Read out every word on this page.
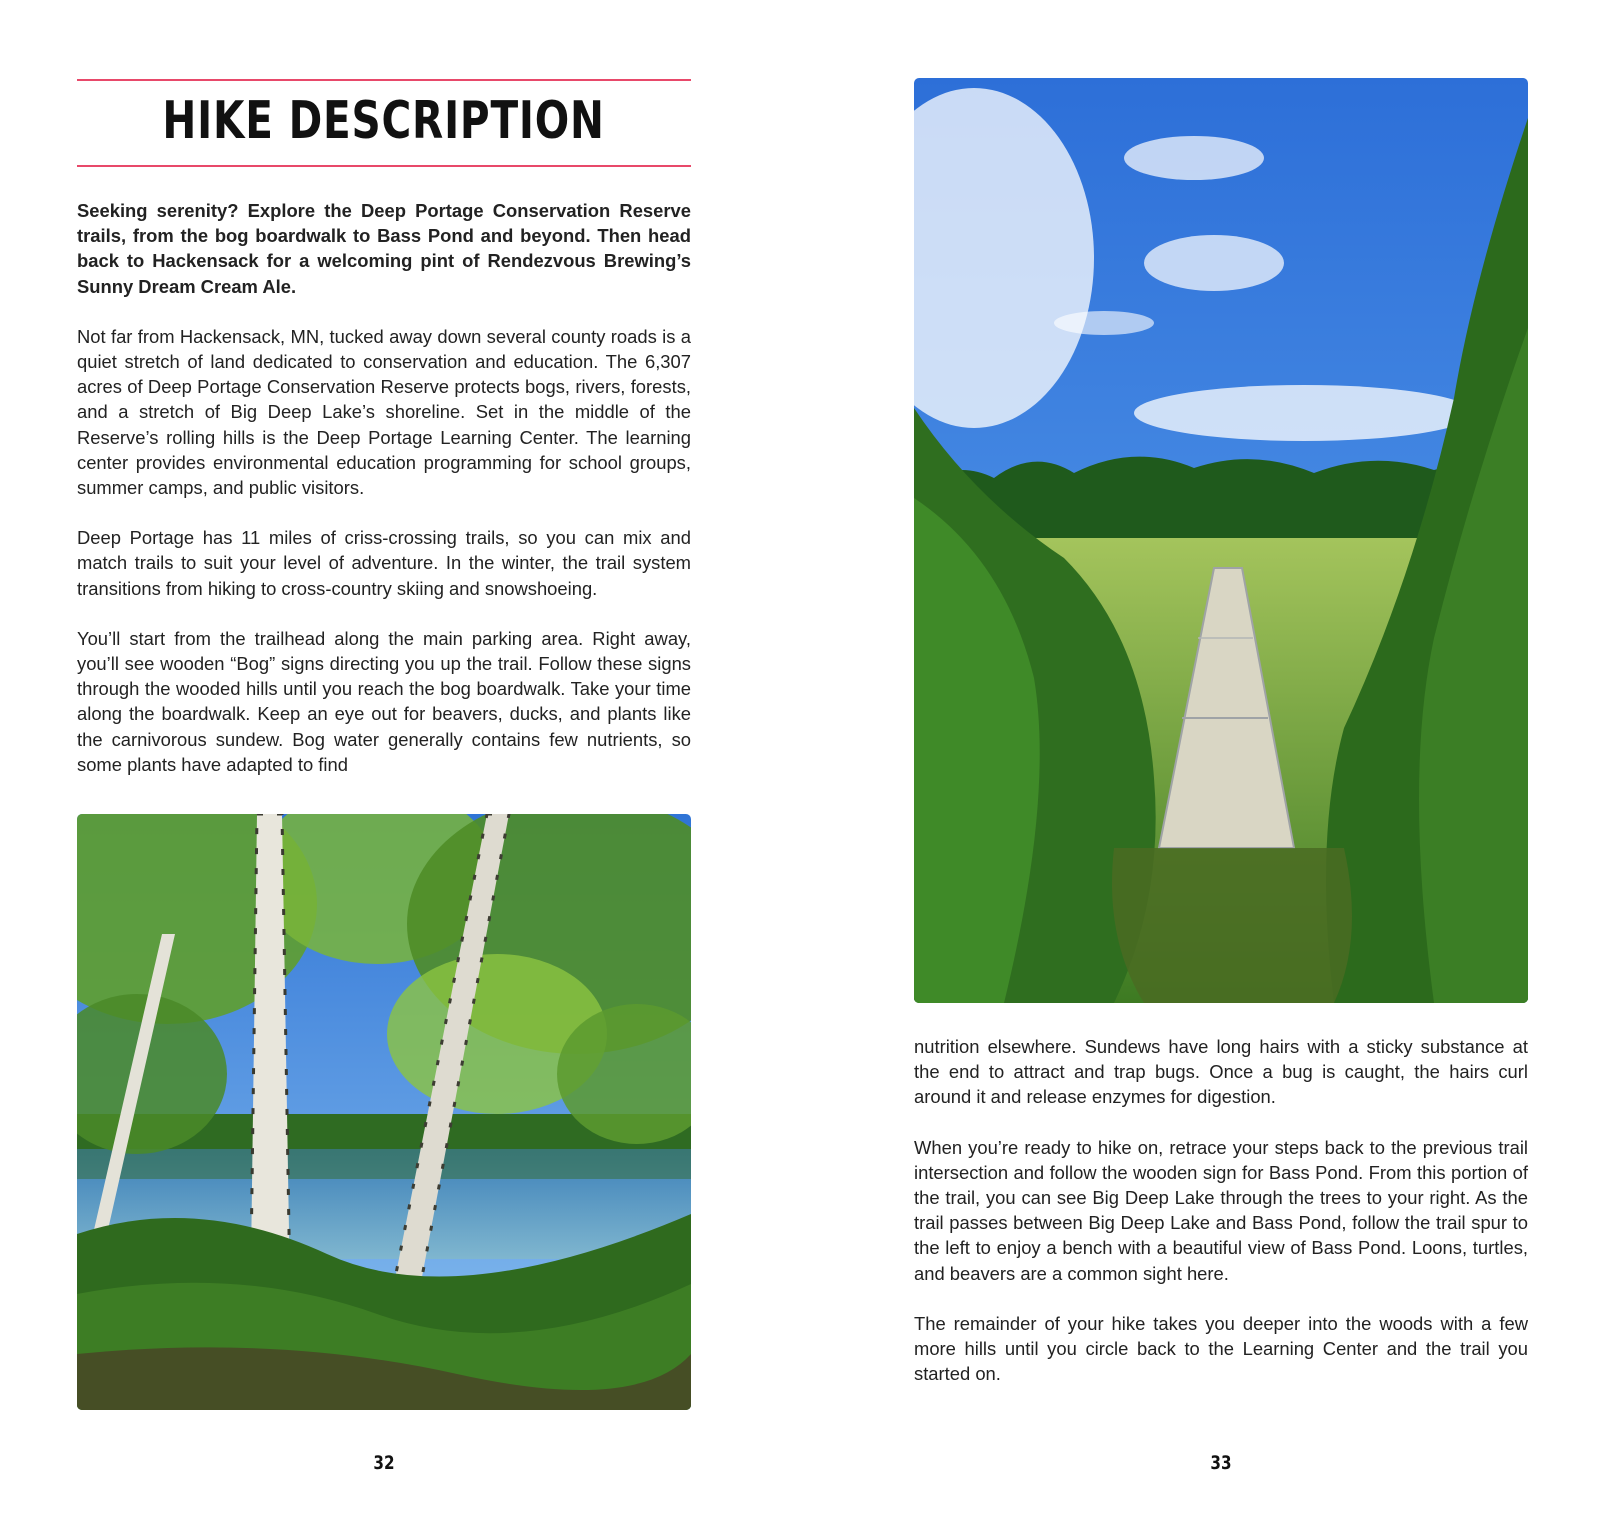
HIKE DESCRIPTION

Seeking serenity? Explore the Deep Portage Conservation Reserve trails, from the bog boardwalk to Bass Pond and beyond. Then head back to Hackensack for a welcoming pint of Rendezvous Brewing’s Sunny Dream Cream Ale.

Not far from Hackensack, MN, tucked away down several county roads is a quiet stretch of land dedicated to conservation and education. The 6,307 acres of Deep Portage Conservation Reserve protects bogs, rivers, forests, and a stretch of Big Deep Lake’s shoreline. Set in the middle of the Reserve’s rolling hills is the Deep Portage Learning Center. The learning center provides environmental education programming for school groups, summer camps, and public visitors.

Deep Portage has 11 miles of criss-crossing trails, so you can mix and match trails to suit your level of adventure. In the winter, the trail system transitions from hiking to cross-country skiing and snowshoeing.

You’ll start from the trailhead along the main parking area. Right away, you’ll see wooden “Bog” signs directing you up the trail. Follow these signs through the wooded hills until you reach the bog boardwalk. Take your time along the boardwalk. Keep an eye out for beavers, ducks, and plants like the carnivorous sundew. Bog water generally contains few nutrients, so some plants have adapted to find

32

nutrition elsewhere. Sundews have long hairs with a sticky substance at the end to attract and trap bugs. Once a bug is caught, the hairs curl around it and release enzymes for digestion.

When you’re ready to hike on, retrace your steps back to the previous trail intersection and follow the wooden sign for Bass Pond. From this portion of the trail, you can see Big Deep Lake through the trees to your right. As the trail passes between Big Deep Lake and Bass Pond, follow the trail spur to the left to enjoy a bench with a beautiful view of Bass Pond. Loons, turtles, and beavers are a common sight here.

The remainder of your hike takes you deeper into the woods with a few more hills until you circle back to the Learning Center and the trail you started on.

33
